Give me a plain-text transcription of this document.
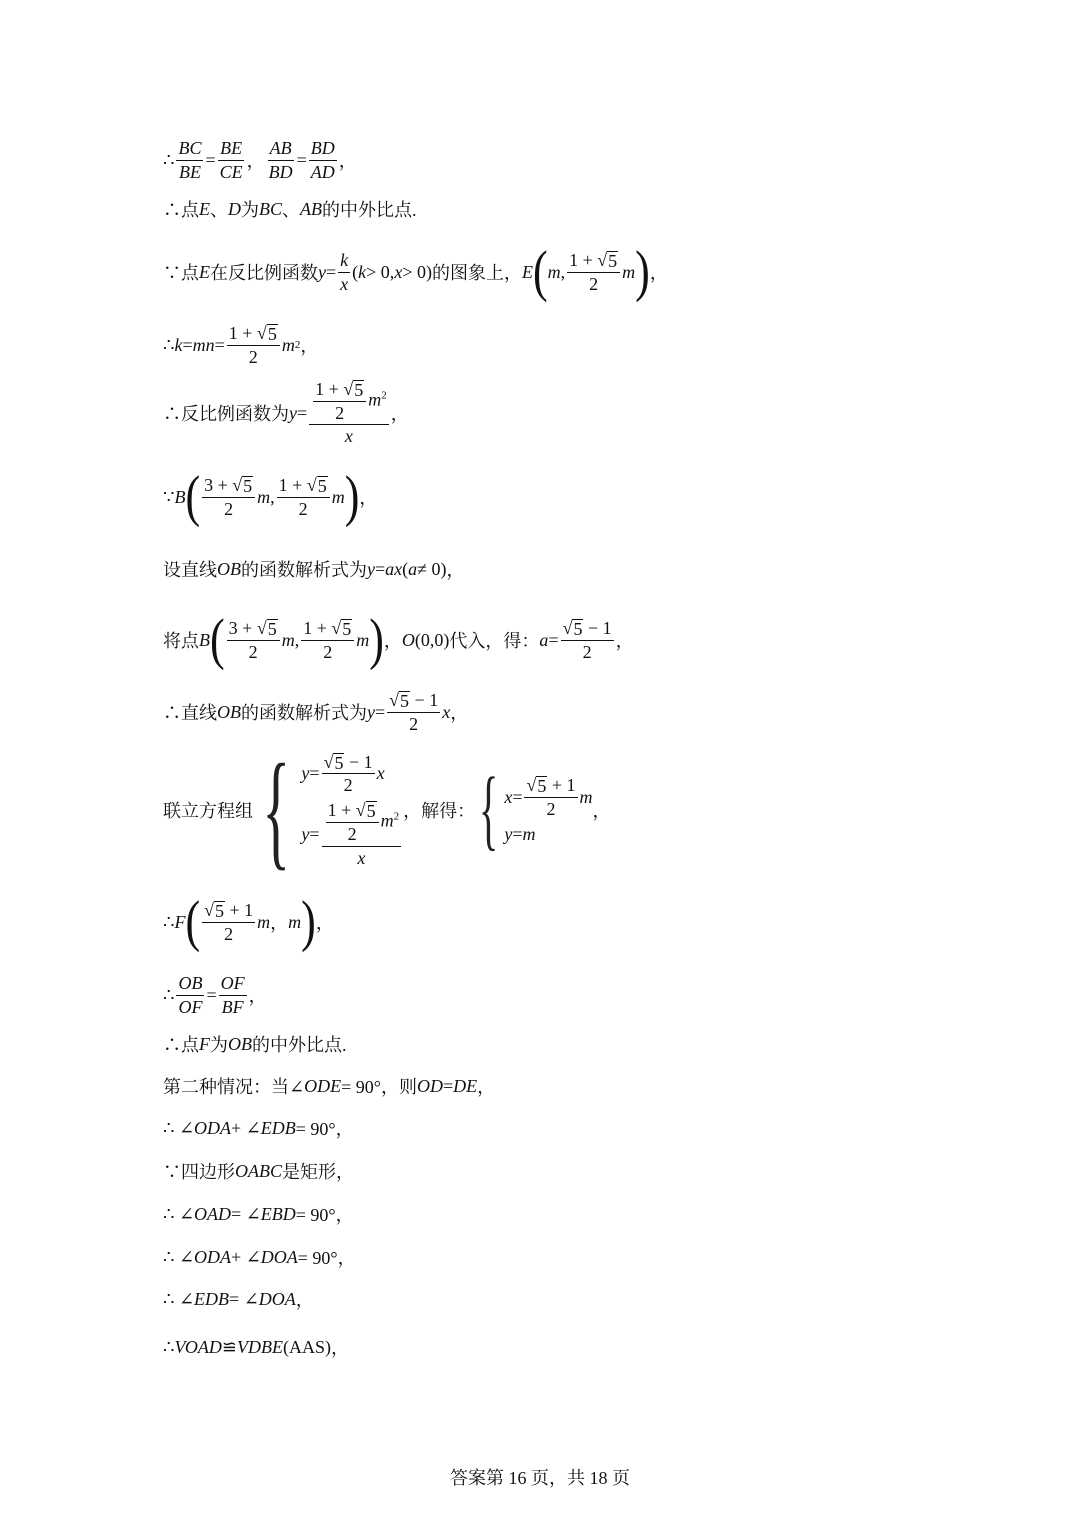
∴ $\frac{BC}{BE} = \frac{BE}{CE}$ ， $\frac{AB}{BD} = \frac{BD}{AD}$ ，
∴点 E 、 D 为 BC 、 AB 的中外比点.
∵点 E 在反比例函数 $y = \frac{k}{x}$ ( k > 0, x > 0 ) 的图象上， E ( m , $\frac{1 + √ 5}{2}$ m ) ，
∴ k = mn = $\frac{1 + √ 5}{2}$ m 2 ，
∴反比例函数为 $y = \frac{\frac{1 + √ 5}{2} m^2}{x}$ ，
∵ B ( $\frac{3 + √ 5}{2}$ m , $\frac{1 + √ 5}{2}$ m ) ，
设直线 OB 的函数解析式为 y = ax ( a ≠ 0 ) ，
将点 B ( $\frac{3 + √ 5}{2}$ m , $\frac{1 + √ 5}{2}$ m ) ， O ( 0,0 ) 代入，得： $a = \frac{√ 5 - 1}{2}$ ，
∴直线 OB 的函数解析式为 $y = \frac{√ 5 - 1}{2}$ x ，
联立方程组 { $y = \frac{√ 5 - 1}{2}$ x
$y = \frac{\frac{1 + √ 5}{2} m^2}{x}$ ，解得： { $x = \frac{√ 5 + 1}{2}$ m
y = m
，
∴ F ( $\frac{√ 5 + 1}{2}$ m ， m ) ，
∴ $\frac{OB}{OF} = \frac{OF}{BF}$ ，
∴点 F 为 OB 的中外比点.
第二种情况：当∠ ODE = 90°，则 OD = DE ，
∴ ∠ ODA + ∠ EDB = 90°，
∵四边形 OABC 是矩形，
∴ ∠ OAD = ∠ EBD = 90°，
∴ ∠ ODA + ∠ DOA = 90°，
∴ ∠ EDB = ∠ DOA ，
∴ VOAD ≌ VDBE ( AAS ) ，
答案第 16 页，共 18 页
